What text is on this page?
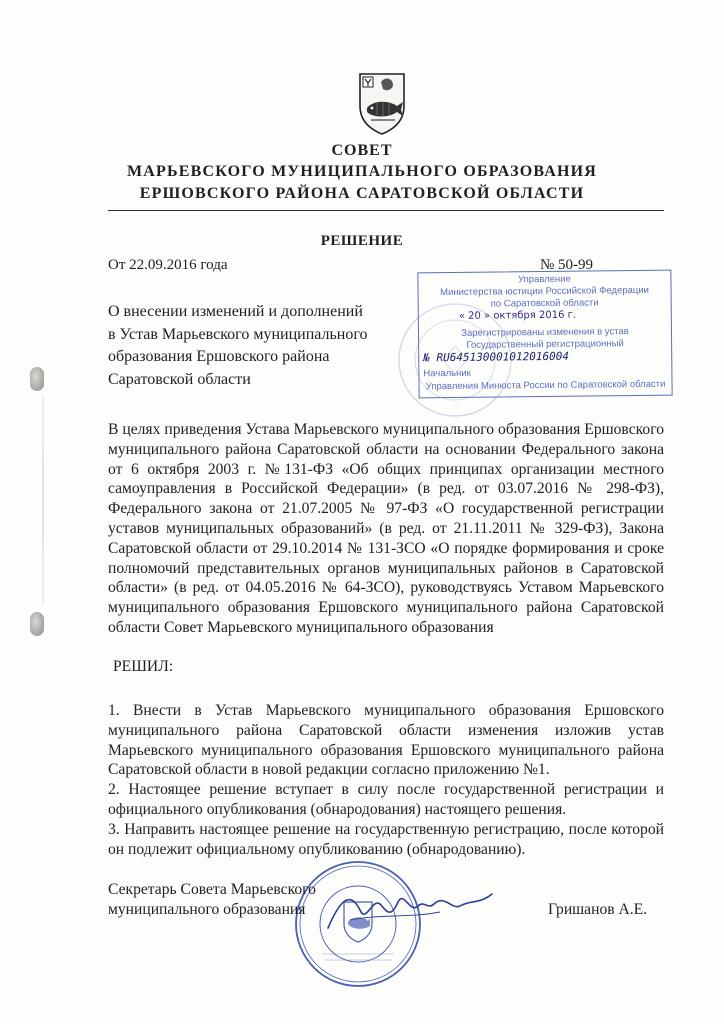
СОВЕТ
МАРЬЕВСКОГО МУНИЦИПАЛЬНОГО ОБРАЗОВАНИЯ
ЕРШОВСКОГО РАЙОНА САРАТОВСКОЙ ОБЛАСТИ
РЕШЕНИЕ
От 22.09.2016 года	№ 50-99
О внесении изменений и дополнений
в Устав Марьевского муниципального
образования Ершовского района
Саратовской области
Управление
Министерства юстиции Российской Федерации
по Саратовской области
« 20 » октября 2016 г.
Зарегистрированы изменения в устав
Государственный регистрационный
№ RU645130001012016004
Начальник
Управления Минюста России по Саратовской области
В целях приведения Устава Марьевского муниципального образования Ершовского муниципального района Саратовской области на основании Федерального закона от 6 октября 2003 г. №131-ФЗ «Об общих принципах организации местного самоуправления в Российской Федерации» (в ред. от 03.07.2016 № 298-ФЗ), Федерального закона от 21.07.2005 № 97-ФЗ «О государственной регистрации уставов муниципальных образований» (в ред. от 21.11.2011 № 329-ФЗ), Закона Саратовской области от 29.10.2014 № 131-ЗСО «О порядке формирования и сроке полномочий представительных органов муниципальных районов в Саратовской области» (в ред. от 04.05.2016 № 64-ЗСО), руководствуясь Уставом Марьевского муниципального образования Ершовского муниципального района Саратовской области Совет Марьевского муниципального образования
РЕШИЛ:

1. Внести в Устав Марьевского муниципального образования Ершовского муниципального района Саратовской области изменения изложив устав Марьевского муниципального образования Ершовского муниципального района Саратовской области в новой редакции согласно приложению №1.

2. Настоящее решение вступает в силу после государственной регистрации и официального опубликования (обнародования) настоящего решения.

3. Направить настоящее решение на государственную регистрацию, после которой он подлежит официальному опубликованию (обнародованию).

Секретарь Совета Марьевского
муниципального образования	Гришанов А.Е.
